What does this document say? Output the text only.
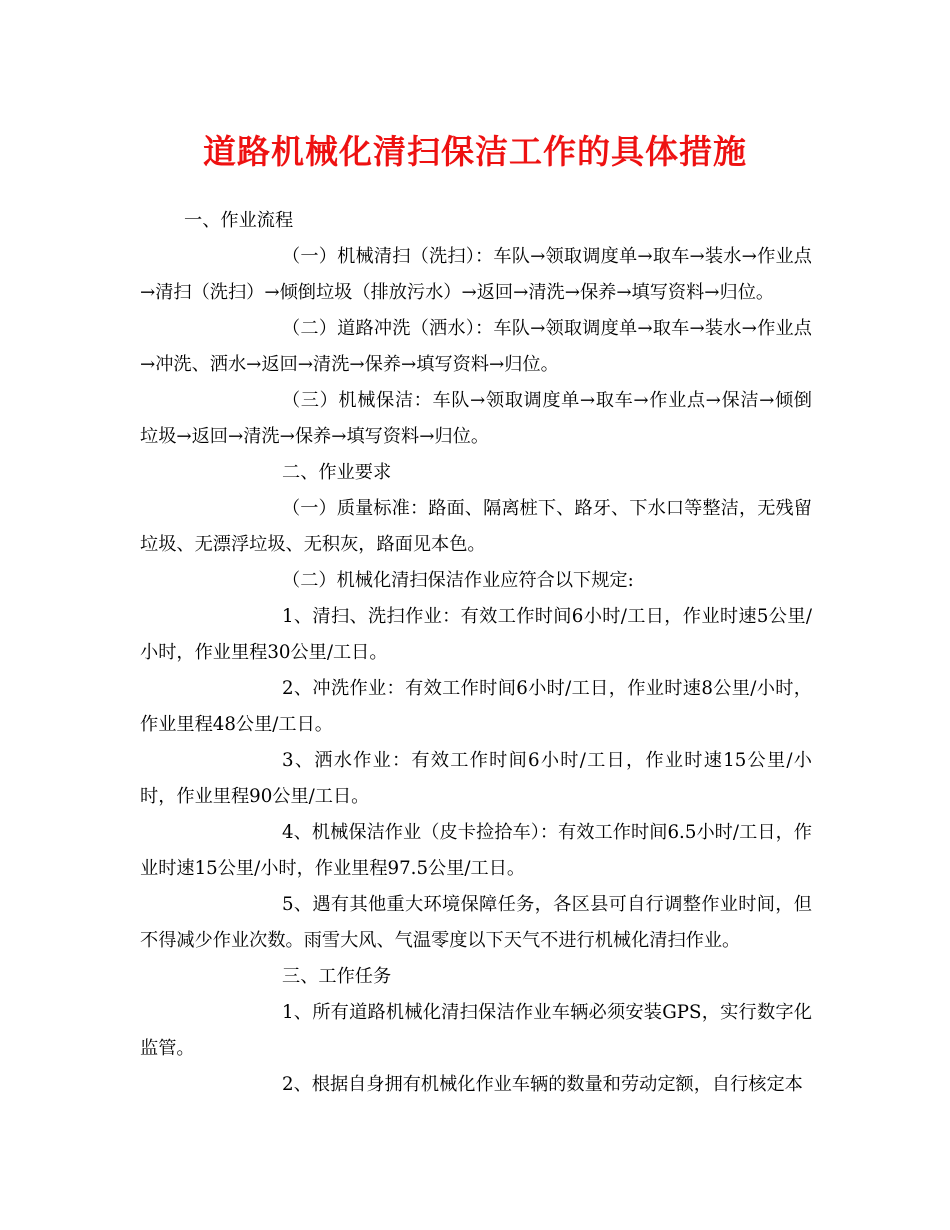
道路机械化清扫保洁工作的具体措施

一、作业流程

（一）机械清扫（洗扫）：车队→领取调度单→取车→装水→作业点→清扫（洗扫）→倾倒垃圾（排放污水）→返回→清洗→保养→填写资料→归位。

（二）道路冲洗（洒水）：车队→领取调度单→取车→装水→作业点→冲洗、洒水→返回→清洗→保养→填写资料→归位。

（三）机械保洁：车队→领取调度单→取车→作业点→保洁→倾倒垃圾→返回→清洗→保养→填写资料→归位。

二、作业要求

（一）质量标准：路面、隔离桩下、路牙、下水口等整洁，无残留垃圾、无漂浮垃圾、无积灰，路面见本色。

（二）机械化清扫保洁作业应符合以下规定:

1、清扫、洗扫作业：有效工作时间6小时/工日，作业时速5公里/小时，作业里程30公里/工日。

2、冲洗作业：有效工作时间6小时/工日，作业时速8公里/小时，作业里程48公里/工日。

3、洒水作业：有效工作时间6小时/工日，作业时速15公里/小时，作业里程90公里/工日。

4、机械保洁作业（皮卡捡拾车）：有效工作时间6.5小时/工日，作业时速15公里/小时，作业里程97.5公里/工日。

5、遇有其他重大环境保障任务，各区县可自行调整作业时间，但不得减少作业次数。雨雪大风、气温零度以下天气不进行机械化清扫作业。

三、工作任务

1、所有道路机械化清扫保洁作业车辆必须安装GPS，实行数字化监管。

2、根据自身拥有机械化作业车辆的数量和劳动定额，自行核定本
